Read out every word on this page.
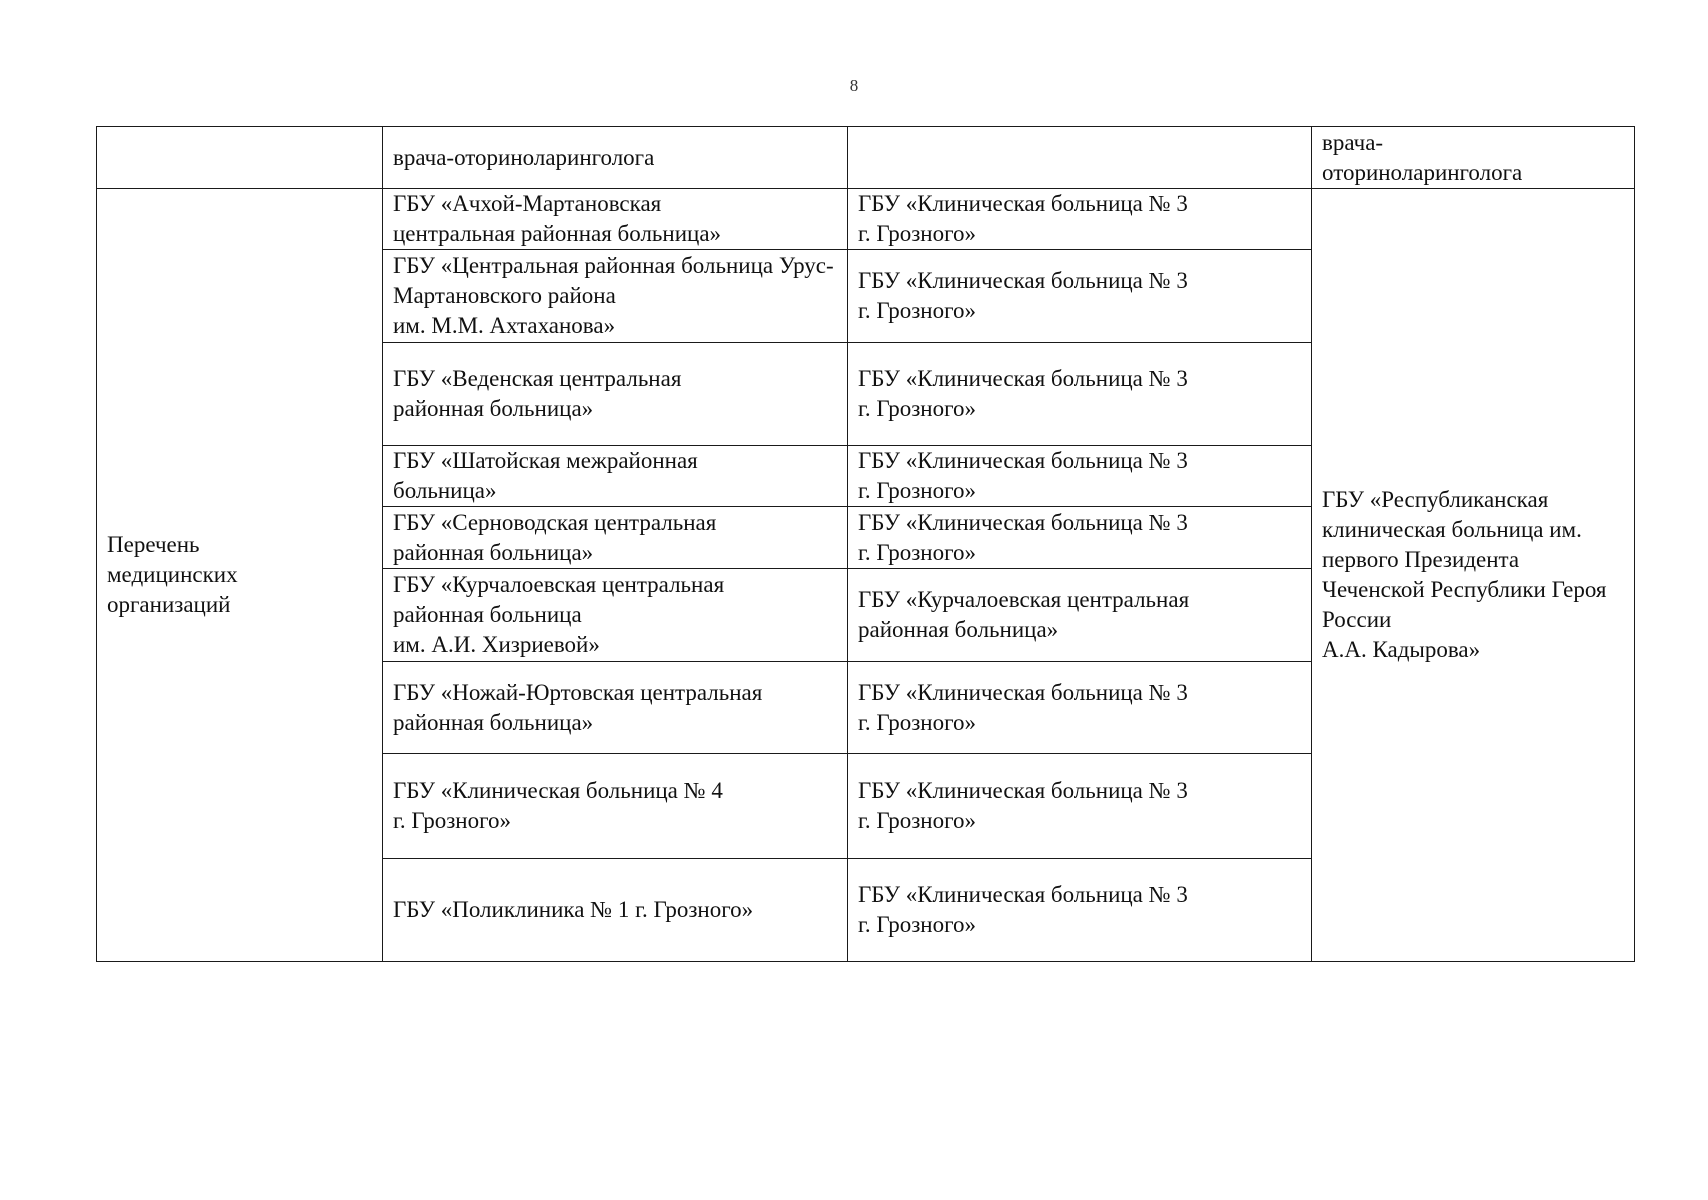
8
	врача-оториноларинголога		врача-
оториноларинголога
Перечень
медицинских
организаций	ГБУ «Ачхой-Мартановская
центральная районная больница»	ГБУ «Клиническая больница № 3
г. Грозного»	ГБУ «Республиканская клиническая больница им. первого Президента Чеченской Республики Героя России
А.А. Кадырова»
	ГБУ «Центральная районная больница Урус-Мартановского района
им. М.М. Ахтаханова»	ГБУ «Клиническая больница № 3
г. Грозного»	
	ГБУ «Веденская центральная
районная больница»	ГБУ «Клиническая больница № 3
г. Грозного»	
	ГБУ «Шатойская межрайонная
больница»	ГБУ «Клиническая больница № 3
г. Грозного»	
	ГБУ «Серноводская центральная
районная больница»	ГБУ «Клиническая больница № 3
г. Грозного»	
	ГБУ «Курчалоевская центральная
районная больница
им. А.И. Хизриевой»	ГБУ «Курчалоевская центральная
районная больница»	
	ГБУ «Ножай-Юртовская центральная
районная больница»	ГБУ «Клиническая больница № 3
г. Грозного»	
	ГБУ «Клиническая больница № 4
г. Грозного»	ГБУ «Клиническая больница № 3
г. Грозного»	
	ГБУ «Поликлиника № 1 г. Грозного»	ГБУ «Клиническая больница № 3
г. Грозного»	
